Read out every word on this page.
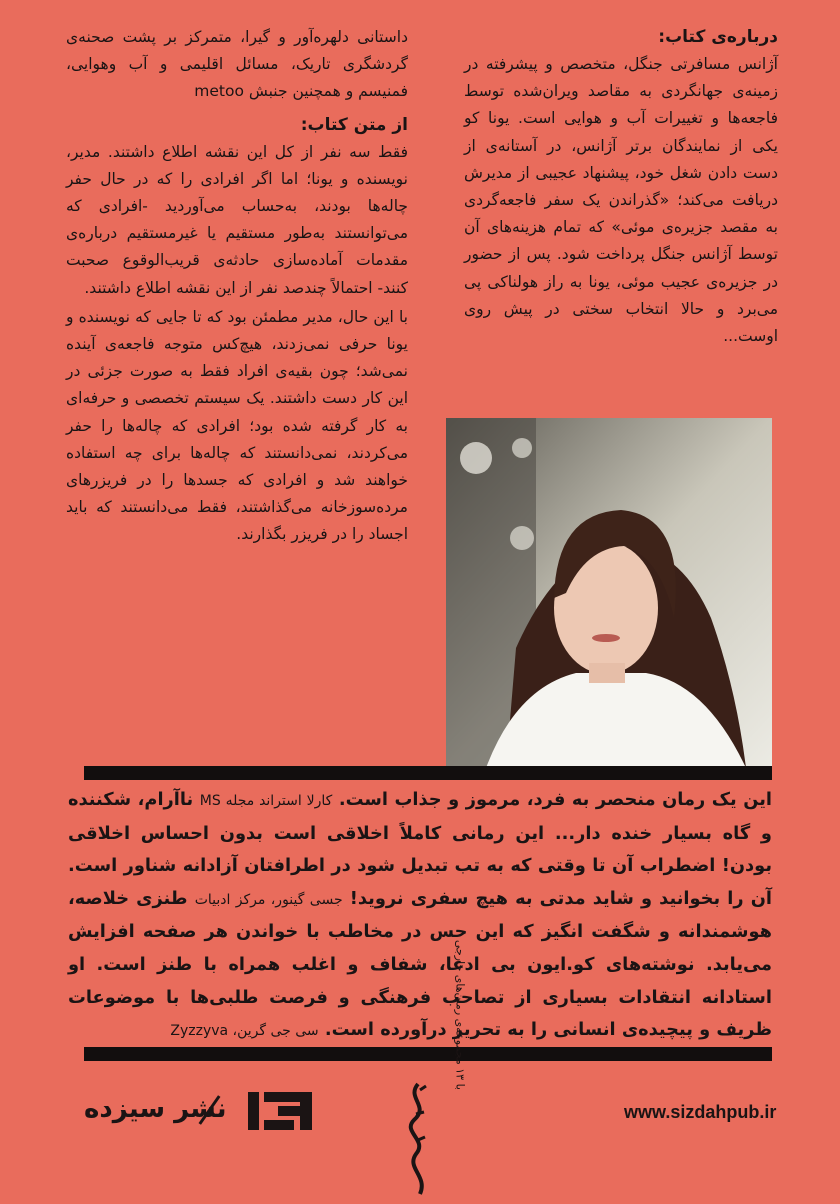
درباره‌ی کتاب:
آژانس مسافرتی جنگل، متخصص و پیشرفته در زمینه‌ی جهانگردی به مقاصد ویران‌شده توسط فاجعه‌ها و تغییرات آب و هوایی است. یونا کو یکی از نمایندگان برتر آژانس، در آستانه‌ی از دست دادن شغل خود، پیشنهاد عجیبی از مدیرش دریافت می‌کند؛ «گذراندن یک سفر فاجعه‌گردی به مقصد جزیره‌ی موئی» که تمام هزینه‌های آن توسط آژانس جنگل پرداخت شود. پس از حضور در جزیره‌ی عجیب موئی، یونا به راز هولناکی پی می‌برد و حالا انتخاب سختی در پیش روی اوست...
داستانی دلهره‌آور و گیرا، متمرکز بر پشت صحنه‌ی گردشگری تاریک، مسائل اقلیمی و آب وهوایی، فمنیسم و همچنین جنبش metoo
از متن کتاب:
فقط سه نفر از کل این نقشه اطلاع داشتند. مدیر، نویسنده و یونا؛ اما اگر افرادی را که در حال حفر چاله‌ها بودند، به‌حساب می‌آوردید -افرادی که می‌توانستند به‌طور مستقیم یا غیرمستقیم درباره‌ی مقدمات آماده‌سازی حادثه‌ی قریب‌الوقوع صحبت کنند- احتمالاً چندصد نفر از این نقشه اطلاع داشتند.
با این حال، مدیر مطمئن بود که تا جایی که نویسنده و یونا حرفی نمی‌زدند، هیچ‌کس متوجه فاجعه‌ی آینده نمی‌شد؛ چون بقیه‌ی افراد فقط به صورت جزئی در این کار دست داشتند. یک سیستم تخصصی و حرفه‌ای به کار گرفته شده بود؛ افرادی که چاله‌ها را حفر می‌کردند، نمی‌دانستند که چاله‌ها برای چه استفاده خواهند شد و افرادی که جسدها را در فریزرهای مرده‌سوزخانه می‌گذاشتند، فقط می‌دانستند که باید اجساد را در فریزر بگذارند.
این یک رمان منحصر به فرد، مرموز و جذاب است. کارلا استراند مجله MS ناآرام، شکننده و گاه بسیار خنده دار... این رمانی کاملاً اخلاقی است بدون احساس اخلاقی بودن! اضطراب آن تا وقتی که به تب تبدیل شود در اطرافتان آزادانه شناور است. آن را بخوانید و شاید مدتی به هیچ سفری نروید! جسی گینور، مرکز ادبیات طنزی خلاصه، هوشمندانه و شگفت انگیز که این حس در مخاطب با خواندن هر صفحه افزایش می‌یابد. نوشته‌های کو.ایون بی ادعا، شفاف و اغلب همراه با طنز است. او استادانه انتقادات بسیاری از تصاحب فرهنگی و فرصت طلبی‌ها با موضوعات ظریف و پیچیده‌ی انسانی را به تحریر درآورده است. سی جی گرین، Zyzzyva
www.sizdahpub.ir
با ۱۳ مجموعه‌ی رمان‌های خارجی
نشر سیزده
